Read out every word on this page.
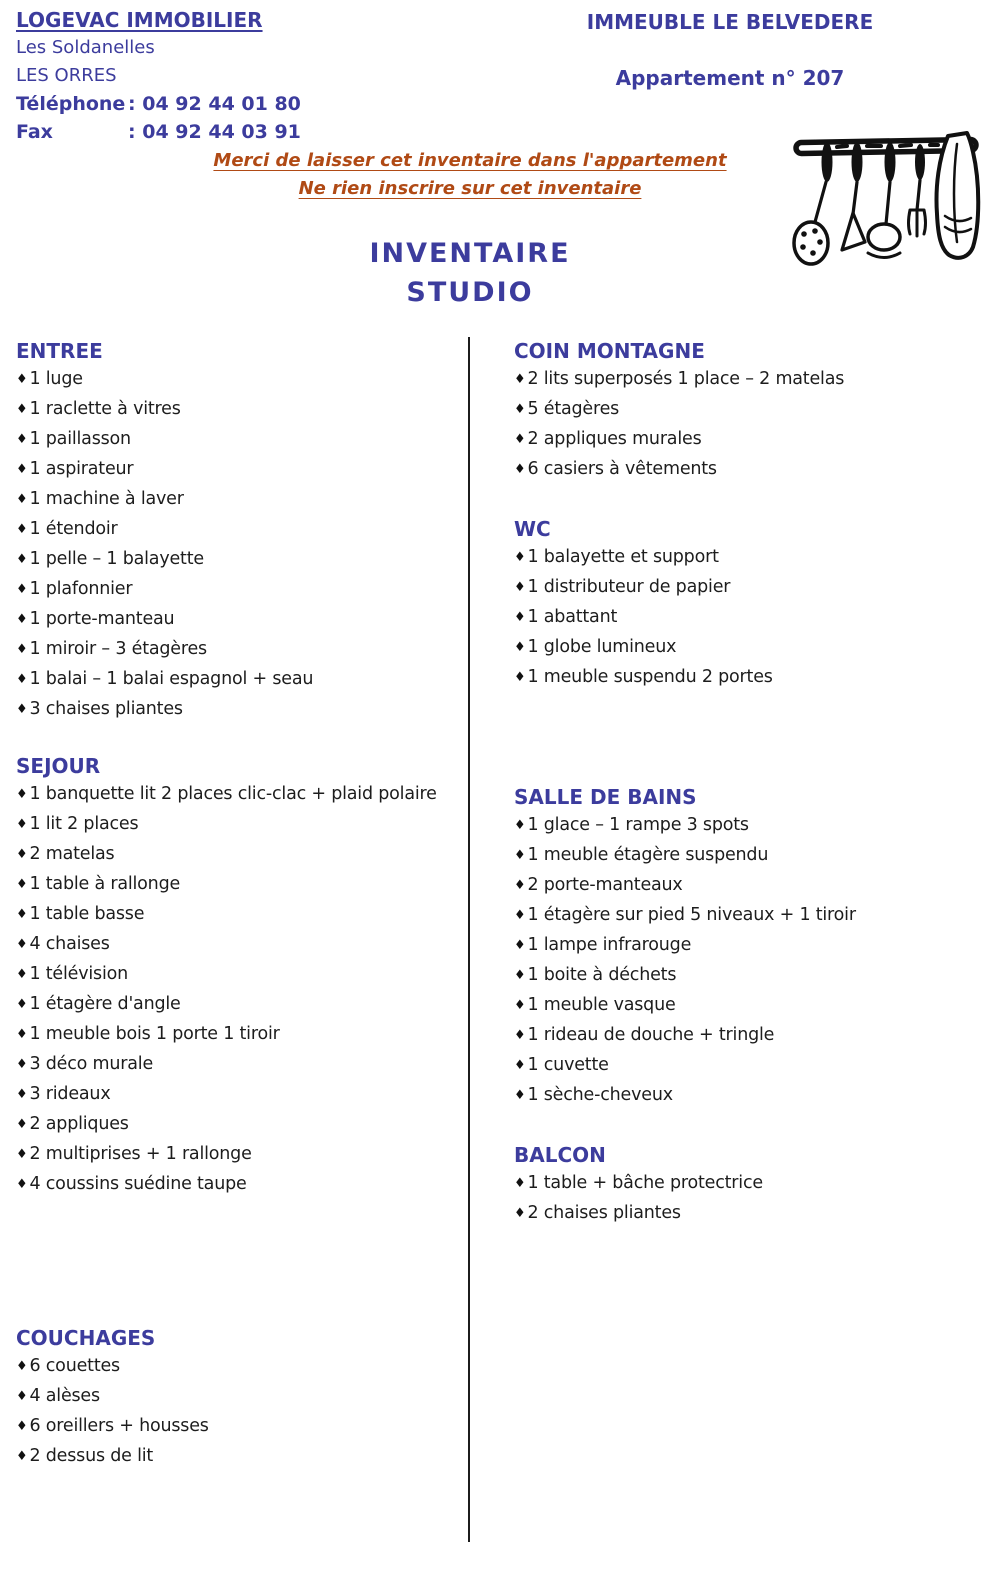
LOGEVAC IMMOBILIER
Les Soldanelles
LES ORRES
Téléphone : 04 92 44 01 80
Fax	: 04 92 44 03 91
IMMEUBLE LE BELVEDERE
Appartement n° 207
Merci de laisser cet inventaire dans l'appartement
Ne rien inscrire sur cet inventaire
INVENTAIRE
STUDIO
ENTREE
♦ 1 luge
♦ 1 raclette à vitres
♦ 1 paillasson
♦ 1 aspirateur
♦ 1 machine à laver
♦ 1 étendoir
♦ 1 pelle – 1 balayette
♦ 1 plafonnier
♦ 1 porte-manteau
♦ 1 miroir – 3 étagères
♦ 1 balai – 1 balai espagnol + seau
♦ 3 chaises pliantes
SEJOUR
♦ 1 banquette lit 2 places clic-clac + plaid polaire
♦ 1 lit 2 places
♦ 2 matelas
♦ 1 table à rallonge
♦ 1 table basse
♦ 4 chaises
♦ 1 télévision
♦ 1 étagère d'angle
♦ 1 meuble bois 1 porte 1 tiroir
♦ 3 déco murale
♦ 3 rideaux
♦ 2 appliques
♦ 2 multiprises + 1 rallonge
♦ 4 coussins suédine taupe
COUCHAGES
♦ 6 couettes
♦ 4 alèses
♦ 6 oreillers + housses
♦ 2 dessus de lit
COIN MONTAGNE
♦ 2 lits superposés 1 place – 2 matelas
♦ 5 étagères
♦ 2 appliques murales
♦ 6 casiers à vêtements
WC
♦ 1 balayette et support
♦ 1 distributeur de papier
♦ 1 abattant
♦ 1 globe lumineux
♦ 1 meuble suspendu 2 portes
SALLE DE BAINS
♦ 1 glace – 1 rampe 3 spots
♦ 1 meuble étagère suspendu
♦ 2 porte-manteaux
♦ 1 étagère sur pied 5 niveaux + 1 tiroir
♦ 1 lampe infrarouge
♦ 1 boite à déchets
♦ 1 meuble vasque
♦ 1 rideau de douche + tringle
♦ 1 cuvette
♦ 1 sèche-cheveux
BALCON
♦ 1 table + bâche protectrice
♦ 2 chaises pliantes
